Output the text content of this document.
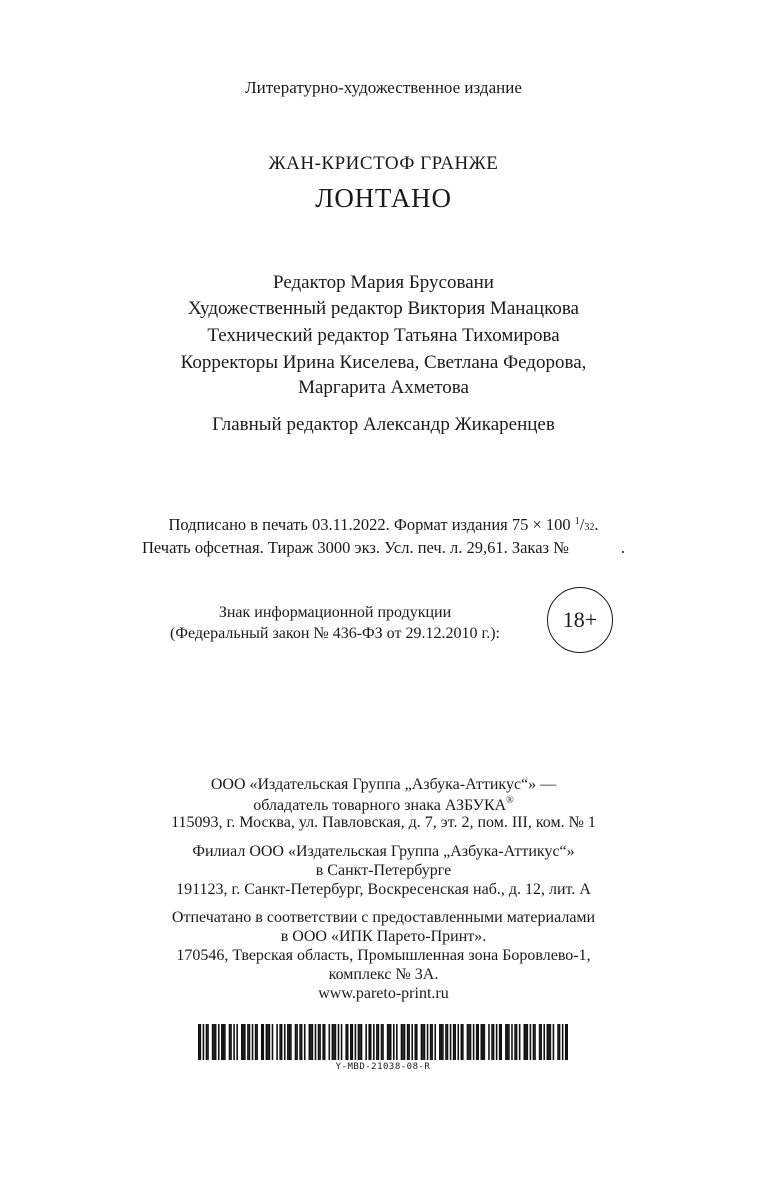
Литературно-художественное издание
ЖАН-КРИСТОФ ГРАНЖЕ
ЛОНТАНО
Редактор Мария Брусовани
Художественный редактор Виктория Манацкова
Технический редактор Татьяна Тихомирова
Корректоры Ирина Киселева, Светлана Федорова,
Маргарита Ахметова
Главный редактор Александр Жикаренцев
Подписано в печать 03.11.2022. Формат издания 75 × 100 $^1$/32.
Печать офсетная. Тираж 3000 экз. Усл. печ. л. 29,61. Заказ №	.
Знак информационной продукции
(Федеральный закон № 436-ФЗ от 29.12.2010 г.):
18+
ООО «Издательская Группа „Азбука-Аттикус“» —
обладатель товарного знака АЗБУКА®
115093, г. Москва, ул. Павловская, д. 7, эт. 2, пом. III, ком. № 1
Филиал ООО «Издательская Группа „Азбука-Аттикус“»
в Санкт-Петербурге
191123, г. Санкт-Петербург, Воскресенская наб., д. 12, лит. А
Отпечатано в соответствии с предоставленными материалами
в ООО «ИПК Парето-Принт».
170546, Тверская область, Промышленная зона Боровлево-1,
комплекс № 3А.
www.pareto-print.ru
Y-MBD-21038-08-R
